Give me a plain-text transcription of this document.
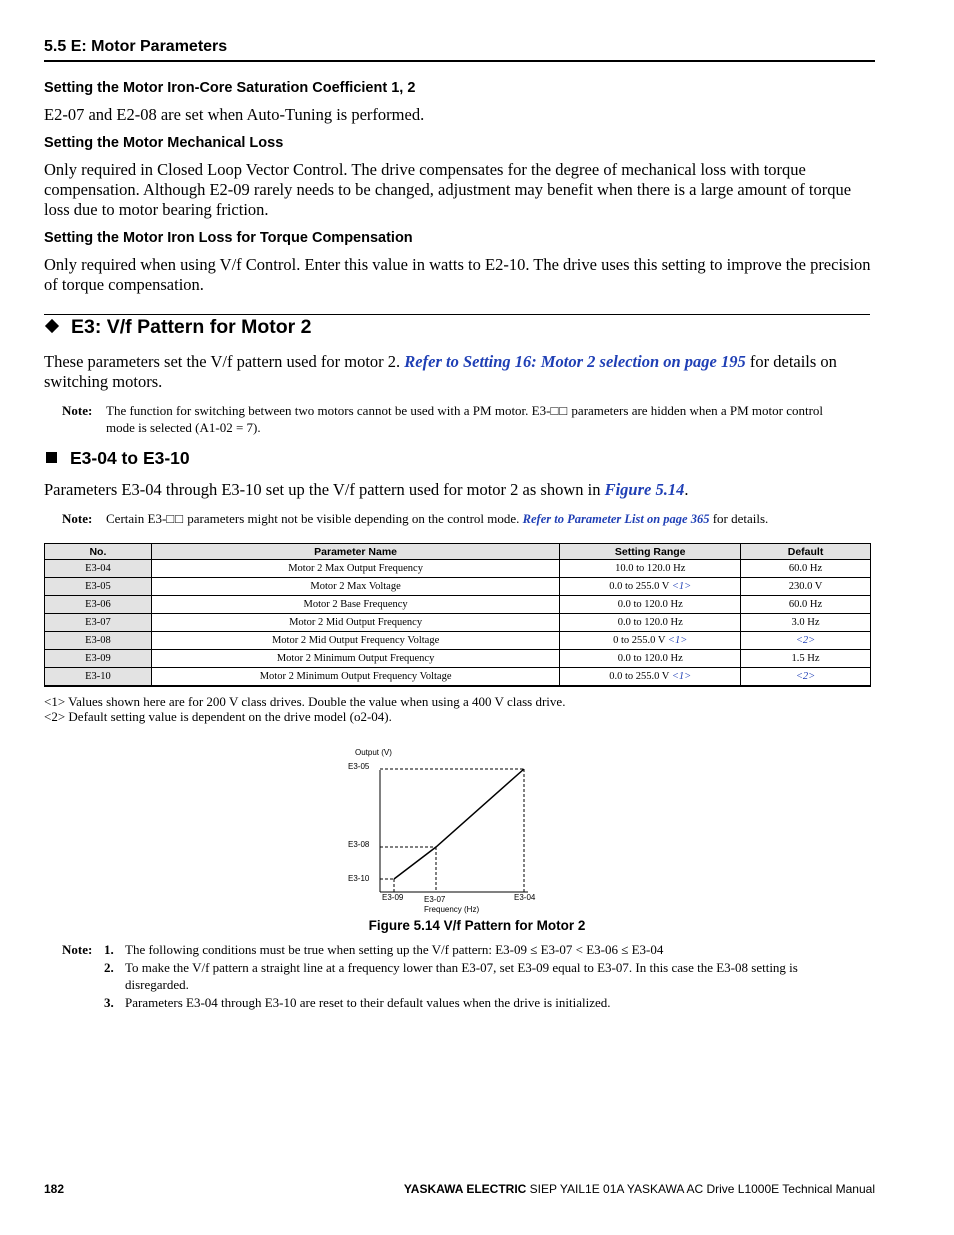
5.5 E: Motor Parameters
Setting the Motor Iron-Core Saturation Coefficient 1, 2

E2-07 and E2-08 are set when Auto-Tuning is performed.

Setting the Motor Mechanical Loss

Only required in Closed Loop Vector Control. The drive compensates for the degree of mechanical loss with torque compensation. Although E2-09 rarely needs to be changed, adjustment may benefit when there is a large amount of torque loss due to motor bearing friction.

Setting the Motor Iron Loss for Torque Compensation

Only required when using V/f Control. Enter this value in watts to E2-10. The drive uses this setting to improve the precision of torque compensation.

E3: V/f Pattern for Motor 2

These parameters set the V/f pattern used for motor 2. Refer to Setting 16: Motor 2 selection on page 195 for details on switching motors.

Note: The function for switching between two motors cannot be used with a PM motor. E3-□□ parameters are hidden when a PM motor control mode is selected (A1-02 = 7).
E3-04 to E3-10

Parameters E3-04 through E3-10 set up the V/f pattern used for motor 2 as shown in Figure 5.14.

Note: Certain E3-□□ parameters might not be visible depending on the control mode. Refer to Parameter List on page 365 for details.
No.	Parameter Name	Setting Range	Default
E3-04	Motor 2 Max Output Frequency	10.0 to 120.0 Hz	60.0 Hz
E3-05	Motor 2 Max Voltage	0.0 to 255.0 V <1>	230.0 V
E3-06	Motor 2 Base Frequency	0.0 to 120.0 Hz	60.0 Hz
E3-07	Motor 2 Mid Output Frequency	0.0 to 120.0 Hz	3.0 Hz
E3-08	Motor 2 Mid Output Frequency Voltage	0 to 255.0 V <1>	<2>
E3-09	Motor 2 Minimum Output Frequency	0.0 to 120.0 Hz	1.5 Hz
E3-10	Motor 2 Minimum Output Frequency Voltage	0.0 to 255.0 V <1>	<2>
<1> Values shown here are for 200 V class drives. Double the value when using a 400 V class drive.
<2> Default setting value is dependent on the drive model (o2-04).
Output (V)
E3-05
E3-08
E3-10
E3-09	E3-07	E3-04
Frequency (Hz)
Figure 5.14 V/f Pattern for Motor 2
Note: 1. The following conditions must be true when setting up the V/f pattern: E3-09 ≤ E3-07 < E3-06 ≤ E3-04
2. To make the V/f pattern a straight line at a frequency lower than E3-07, set E3-09 equal to E3-07. In this case the E3-08 setting is disregarded.
3. Parameters E3-04 through E3-10 are reset to their default values when the drive is initialized.
182	YASKAWA ELECTRIC SIEP YAIL1E 01A YASKAWA AC Drive L1000E Technical Manual
